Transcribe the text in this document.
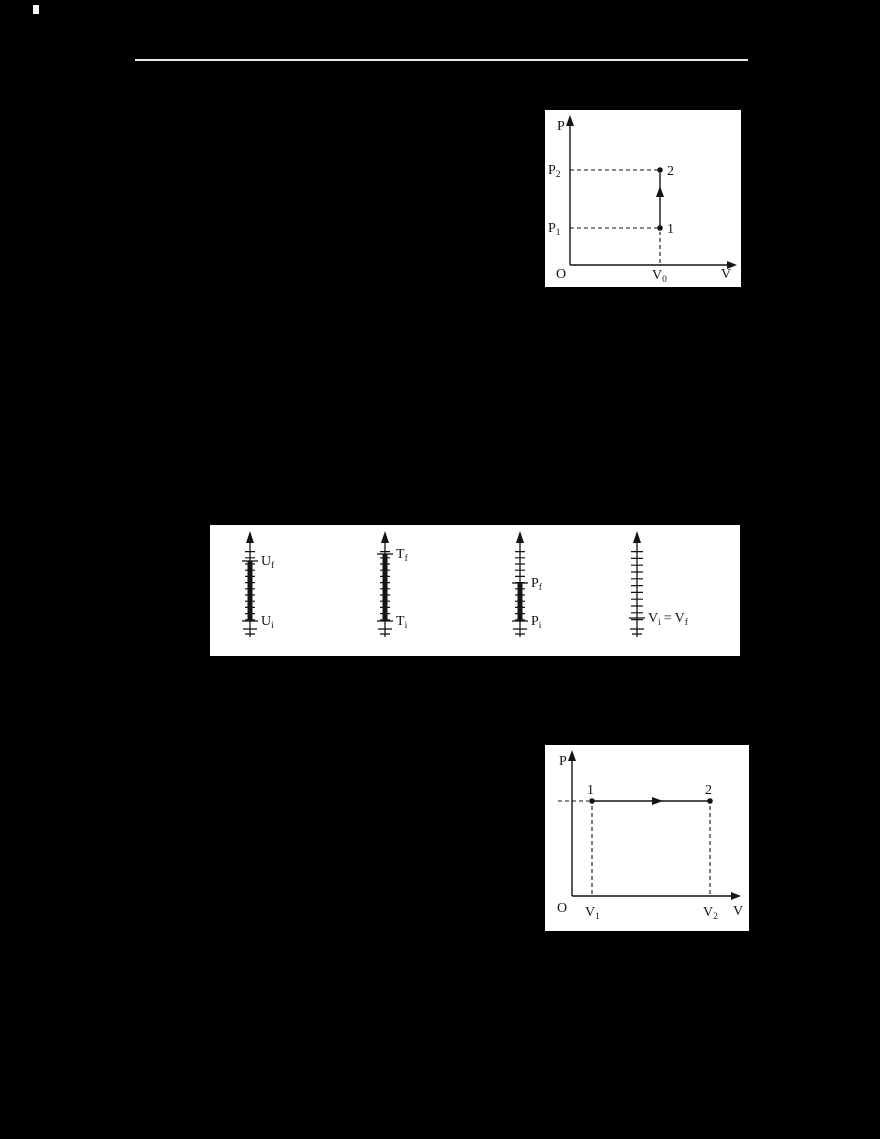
P
O	V
$P_2$
$P_1$
$V_0$
2
1
$U_f$
$U_i$
$T_f$
$T_i$
$P_f$
$P_i$	$V_i = V_f$
P
O	V
1	2
$V_1$	$V_2$
